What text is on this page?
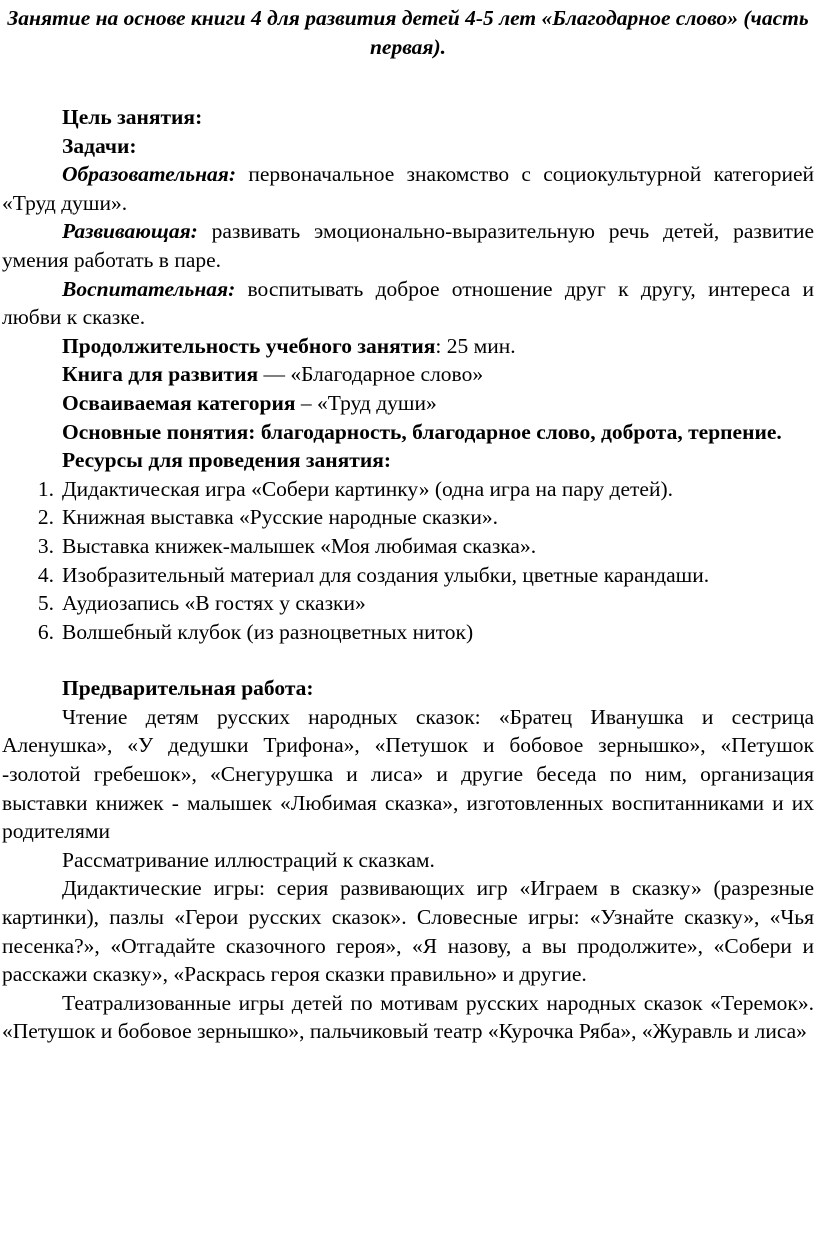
Занятие на основе книги 4 для развития детей 4-5 лет «Благодарное слово» (часть первая).

Цель занятия:

Задачи:

Образовательная: первоначальное знакомство с социокультурной категорией «Труд души».

Развивающая: развивать эмоционально-выразительную речь детей, развитие умения работать в паре.

Воспитательная: воспитывать доброе отношение друг к другу, интереса и любви к сказке.

Продолжительность учебного занятия: 25 мин.

Книга для развития — «Благодарное слово»

Осваиваемая категория – «Труд души»

Основные понятия: благодарность, благодарное слово, доброта, терпение.

Ресурсы для проведения занятия:

1. Дидактическая игра «Собери картинку» (одна игра на пару детей).
2. Книжная выставка «Русские народные сказки».
3. Выставка книжек-малышек «Моя любимая сказка».
4. Изобразительный материал для создания улыбки, цветные карандаши.
5. Аудиозапись «В гостях у сказки»
6. Волшебный клубок (из разноцветных ниток)

Предварительная работа:

Чтение детям русских народных сказок: «Братец Иванушка и сестрица Аленушка», «У дедушки Трифона», «Петушок и бобовое зернышко», «Петушок -золотой гребешок», «Снегурушка и лиса» и другие беседа по ним, организация выставки книжек - малышек «Любимая сказка», изготовленных воспитанниками и их родителями

Рассматривание иллюстраций к сказкам.

Дидактические игры: серия развивающих игр «Играем в сказку» (разрезные картинки), пазлы «Герои русских сказок». Словесные игры: «Узнайте сказку», «Чья песенка?», «Отгадайте сказочного героя», «Я назову, а вы продолжите», «Собери и расскажи сказку», «Раскрась героя сказки правильно» и другие.

Театрализованные игры детей по мотивам русских народных сказок «Теремок». «Петушок и бобовое зернышко», пальчиковый театр «Курочка Ряба», «Журавль и лиса»
